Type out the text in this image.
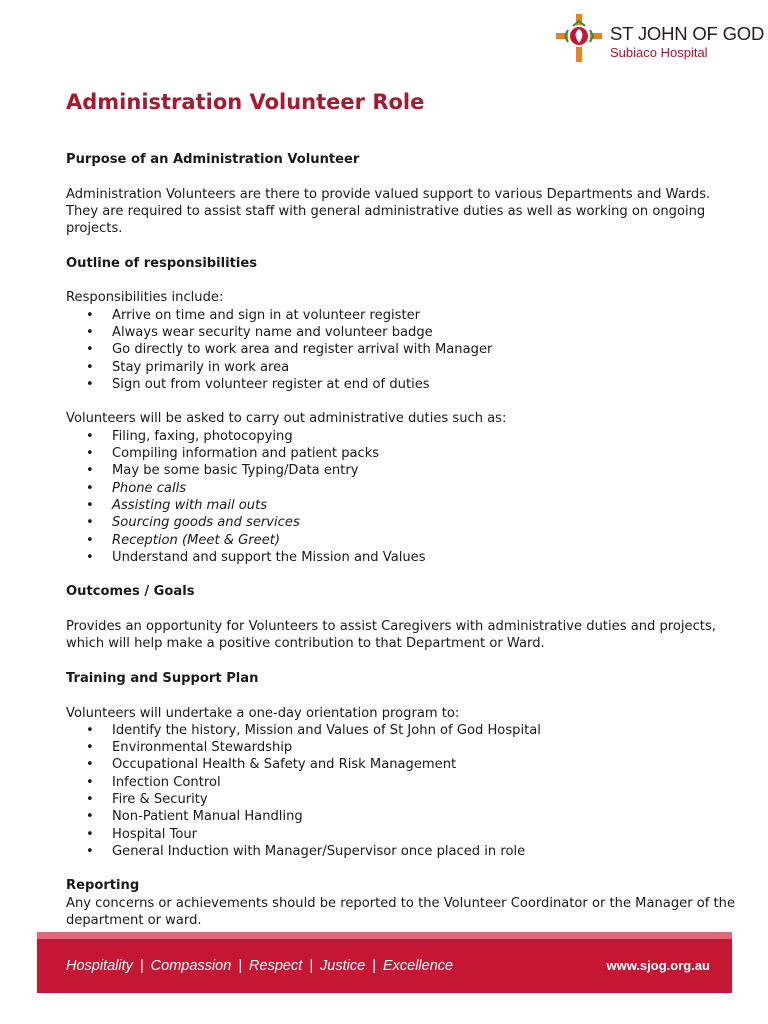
ST JOHN OF GOD
Subiaco Hospital
Administration Volunteer Role

Purpose of an Administration Volunteer

Administration Volunteers are there to provide valued support to various Departments and Wards. They are required to assist staff with general administrative duties as well as working on ongoing projects.

Outline of responsibilities

Responsibilities include:

• Arrive on time and sign in at volunteer register
• Always wear security name and volunteer badge
• Go directly to work area and register arrival with Manager
• Stay primarily in work area
• Sign out from volunteer register at end of duties

Volunteers will be asked to carry out administrative duties such as:

• Filing, faxing, photocopying
• Compiling information and patient packs
• May be some basic Typing/Data entry
• Phone calls
• Assisting with mail outs
• Sourcing goods and services
• Reception (Meet & Greet)
• Understand and support the Mission and Values

Outcomes / Goals

Provides an opportunity for Volunteers to assist Caregivers with administrative duties and projects, which will help make a positive contribution to that Department or Ward.

Training and Support Plan

Volunteers will undertake a one-day orientation program to:

• Identify the history, Mission and Values of St John of God Hospital
• Environmental Stewardship
• Occupational Health & Safety and Risk Management
• Infection Control
• Fire & Security
• Non-Patient Manual Handling
• Hospital Tour
• General Induction with Manager/Supervisor once placed in role

Reporting

Any concerns or achievements should be reported to the Volunteer Coordinator or the Manager of the department or ward.

Hospitality | Compassion | Respect | Justice | Excellence	www.sjog.org.au
